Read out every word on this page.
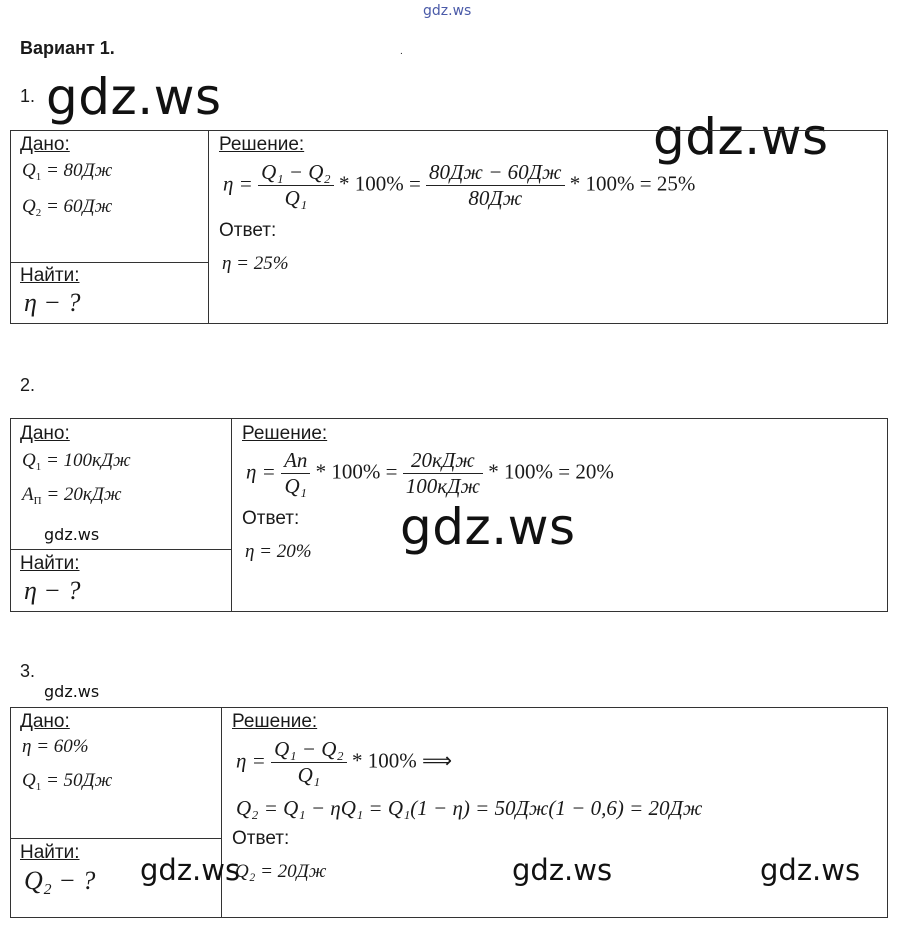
gdz.ws
gdz.ws
gdz.ws
gdz.ws
Вариант 1.	.
1.
Дано:
$Q_1 = 80Дж$
$Q_2 = 60Дж$
Найти:
η − ?
Решение:
$\eta = \frac{\text{Q₁ − Q₂}}{\text{Q₁}} * 100\% = \frac{80Дж - 60Дж}{80Дж} * 100\% = 25\%$
Ответ:
η = 25%
2.
Дано:
$Q_1 = 100кДж$
$A_П = 20кДж$
gdz.ws
Найти:
η − ?
Решение:
$\eta = \frac{Aп}{\text{Q₁}} * 100\% = \frac{\text{20кДж}}{\text{100кДж}} * 100\% = 20\%$
Ответ:
η = 20%
3.
gdz.ws
Дано:
η = 60%
$Q_1 = 50Дж$
Найти:
Q₂ − ?
Решение:
$\eta = \frac{\text{Q₁ − Q₂}}{\text{Q₁}} * 100\%$ ⟹
Q₂ = Q₁ − ηQ₁ = Q₁(1 − η) = 50Дж(1 − 0,6) = 20Дж
Ответ:
Q₂ = 20Дж
gdz.ws	gdz.ws	gdz.ws
